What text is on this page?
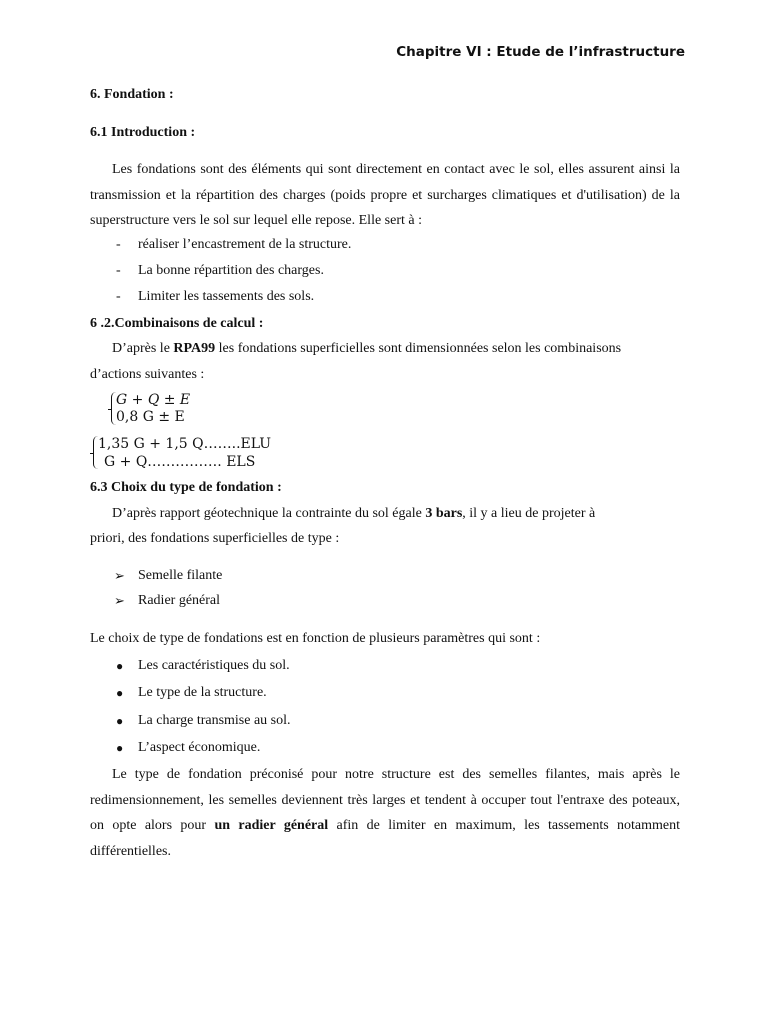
Chapitre VI : Etude de l’infrastructure
6. Fondation :
6.1 Introduction :
Les fondations sont des éléments qui sont directement en contact avec le sol, elles assurent ainsi la transmission et la répartition des charges (poids propre et surcharges climatiques et d'utilisation) de la superstructure vers le sol sur lequel elle repose. Elle sert à :
- réaliser l’encastrement de la structure.
- La bonne répartition des charges.
- Limiter les tassements des sols.
6 .2.Combinaisons de calcul :
D’après le RPA99 les fondations superficielles sont dimensionnées selon les combinaisons
d’actions suivantes :
G + Q ± E
0,8 G ± E
1,35 G + 1,5 Q……..ELU
G + Q……………. ELS
6.3 Choix du type de fondation :
D’après rapport géotechnique la contrainte du sol égale 3 bars, il y a lieu de projeter à
priori, des fondations superficielles de type :
➢ Semelle filante
➢ Radier général
Le choix de type de fondations est en fonction de plusieurs paramètres qui sont :
● Les caractéristiques du sol.
● Le type de la structure.
● La charge transmise au sol.
● L’aspect économique.
Le type de fondation préconisé pour notre structure est des semelles filantes, mais après le redimensionnement, les semelles deviennent très larges et tendent à occuper tout l'entraxe des poteaux, on opte alors pour un radier général afin de limiter en maximum, les tassements notamment différentielles.
